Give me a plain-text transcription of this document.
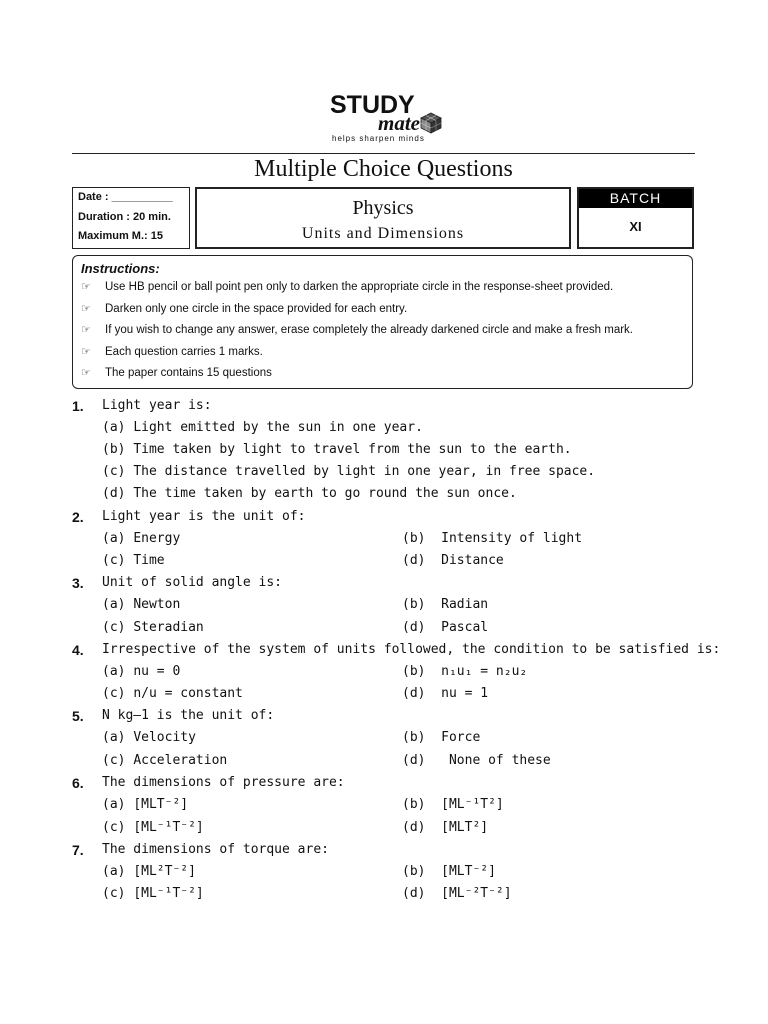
STUDY
mate
helps sharpen minds
Multiple Choice Questions
Date : __________
Duration : 20 min.
Maximum M.: 15
Physics
Units and Dimensions
BATCH
XI
Instructions:
☞ Use HB pencil or ball point pen only to darken the appropriate circle in the response-sheet provided.
☞ Darken only one circle in the space provided for each entry.
☞ If you wish to change any answer, erase completely the already darkened circle and make a fresh mark.
☞ Each question carries 1 marks.
☞ The paper contains 15 questions
1. Light year is:
(a) Light emitted by the sun in one year.
(b) Time taken by light to travel from the sun to the earth.
(c) The distance travelled by light in one year, in free space.
(d) The time taken by earth to go round the sun once.
2. Light year is the unit of:
(a) Energy	(b) Intensity of light
(c) Time	(d) Distance
3. Unit of solid angle is:
(a) Newton	(b) Radian
(c) Steradian	(d) Pascal
4. Irrespective of the system of units followed, the condition to be satisfied is:
(a) nu = 0	(b) n₁u₁ = n₂u₂
(c) n/u = constant	(d) nu = 1
5. N kg–1 is the unit of:
(a) Velocity	(b) Force
(c) Acceleration	(d)   None of these
6. The dimensions of pressure are:
(a) [MLT⁻²]	(b) [ML⁻¹T²]
(c) [ML⁻¹T⁻²]	(d) [MLT²]
7. The dimensions of torque are:
(a) [ML²T⁻²]	(b) [MLT⁻²]
(c) [ML⁻¹T⁻²]	(d) [ML⁻²T⁻²]
